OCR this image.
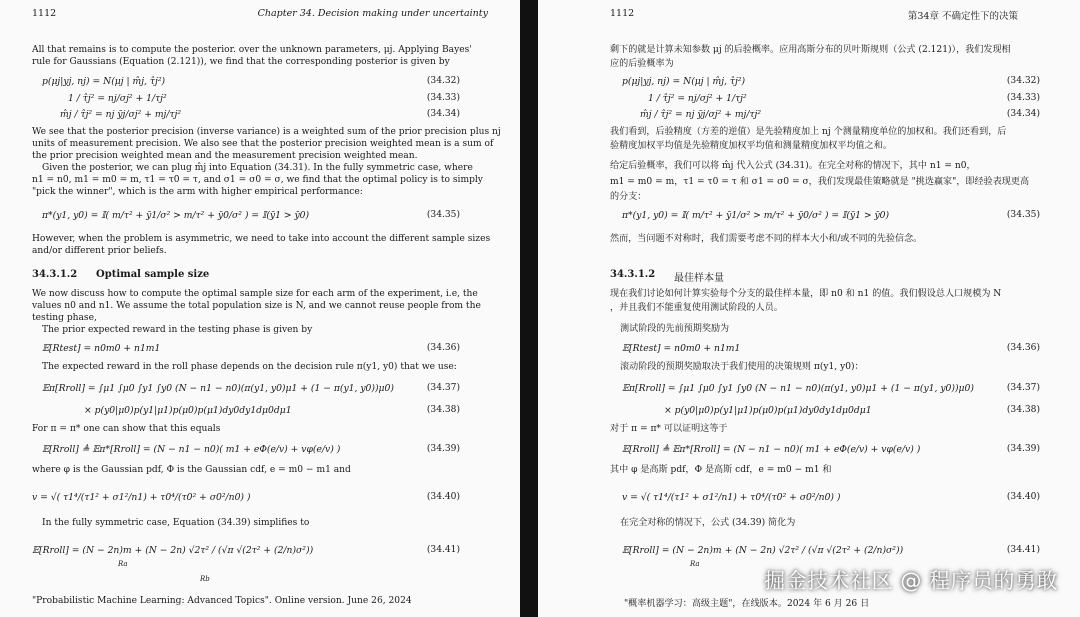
1112	Chapter 34. Decision making under uncertainty
All that remains is to compute the posterior. over the unknown parameters, μj. Applying Bayes'
rule for Gaussians (Equation (2.121)), we find that the corresponding posterior is given by
p(μj|yj, nj) = N(μj | m̂j, τ̂j²)	(34.32)
1 / τ̂j² = nj/σj² + 1/τj²	(34.33)
m̂j / τ̂j² = nj ȳj/σj² + mj/τj²	(34.34)
We see that the posterior precision (inverse variance) is a weighted sum of the prior precision plus nj
units of measurement precision. We also see that the posterior precision weighted mean is a sum of
the prior precision weighted mean and the measurement precision weighted mean.
Given the posterior, we can plug m̂j into Equation (34.31). In the fully symmetric case, where
n1 = n0, m1 = m0 = m, τ1 = τ0 = τ, and σ1 = σ0 = σ, we find that the optimal policy is to simply
"pick the winner", which is the arm with higher empirical performance:
π*(y1, y0) = 𝕀( m/τ² + ȳ1/σ² > m/τ² + ȳ0/σ² ) = 𝕀(ȳ1 > ȳ0)	(34.35)
However, when the problem is asymmetric, we need to take into account the different sample sizes
and/or different prior beliefs.
34.3.1.2 Optimal sample size
We now discuss how to compute the optimal sample size for each arm of the experiment, i.e, the
values n0 and n1. We assume the total population size is N, and we cannot reuse people from the
testing phase,
The prior expected reward in the testing phase is given by
𝔼[Rtest] = n0m0 + n1m1	(34.36)
The expected reward in the roll phase depends on the decision rule π(y1, y0) that we use:
𝔼π[Rroll] = ∫μ1 ∫μ0 ∫y1 ∫y0 (N − n1 − n0)(π(y1, y0)μ1 + (1 − π(y1, y0))μ0)	(34.37)
× p(y0|μ0)p(y1|μ1)p(μ0)p(μ1)dy0dy1dμ0dμ1	(34.38)
For π = π* one can show that this equals
𝔼[Rroll] ≜ 𝔼π*[Rroll] = (N − n1 − n0)( m1 + eΦ(e/v) + vφ(e/v) )	(34.39)
where φ is the Gaussian pdf, Φ is the Gaussian cdf, e = m0 − m1 and
v = √( τ1⁴/(τ1² + σ1²/n1) + τ0⁴/(τ0² + σ0²/n0) )	(34.40)
In the fully symmetric case, Equation (34.39) simplifies to
𝔼[Rroll] = (N − 2n)m + (N − 2n) √2τ² / (√π √(2τ² + (2/n)σ²))	(34.41)
Ra
Rb
"Probabilistic Machine Learning: Advanced Topics". Online version. June 26, 2024
1112	第34章 不确定性下的决策
剩下的就是计算未知参数 μj 的后验概率。应用高斯分布的贝叶斯规则（公式 (2.121)），我们发现相
应的后验概率为
p(μj|yj, nj) = N(μj | m̂j, τ̂j²)	(34.32)
1 / τ̂j² = nj/σj² + 1/τj²	(34.33)
m̂j / τ̂j² = nj ȳj/σj² + mj/τj²	(34.34)
我们看到，后验精度（方差的逆值）是先验精度加上 nj 个测量精度单位的加权和。我们还看到，后
验精度加权平均值是先验精度加权平均值和测量精度加权平均值之和。
给定后验概率，我们可以将 m̂j 代入公式 (34.31)。在完全对称的情况下，其中 n1 = n0，
m1 = m0 = m，τ1 = τ0 = τ 和 σ1 = σ0 = σ，我们发现最佳策略就是 "挑选赢家"，即经验表现更高
的分支：
π*(y1, y0) = 𝕀( m/τ² + ȳ1/σ² > m/τ² + ȳ0/σ² ) = 𝕀(ȳ1 > ȳ0)	(34.35)
然而，当问题不对称时，我们需要考虑不同的样本大小和/或不同的先验信念。
34.3.1.2 最佳样本量
现在我们讨论如何计算实验每个分支的最佳样本量，即 n0 和 n1 的值。我们假设总人口规模为 N
，并且我们不能重复使用测试阶段的人员。
测试阶段的先前预期奖励为
𝔼[Rtest] = n0m0 + n1m1	(34.36)
滚动阶段的预期奖励取决于我们使用的决策规则 π(y1, y0)：
𝔼π[Rroll] = ∫μ1 ∫μ0 ∫y1 ∫y0 (N − n1 − n0)(π(y1, y0)μ1 + (1 − π(y1, y0))μ0)	(34.37)
× p(y0|μ0)p(y1|μ1)p(μ0)p(μ1)dy0dy1dμ0dμ1	(34.38)
对于 π = π* 可以证明这等于
𝔼[Rroll] ≜ 𝔼π*[Rroll] = (N − n1 − n0)( m1 + eΦ(e/v) + vφ(e/v) )	(34.39)
其中 φ 是高斯 pdf，Φ 是高斯 cdf，e = m0 − m1 和
v = √( τ1⁴/(τ1² + σ1²/n1) + τ0⁴/(τ0² + σ0²/n0) )	(34.40)
在完全对称的情况下，公式 (34.39) 简化为
𝔼[Rroll] = (N − 2n)m + (N − 2n) √2τ² / (√π √(2τ² + (2/n)σ²))	(34.41)
Ra
"概率机器学习：高级主题"，在线版本。2024 年 6 月 26 日
掘金技术社区 @ 程序员的勇敢
